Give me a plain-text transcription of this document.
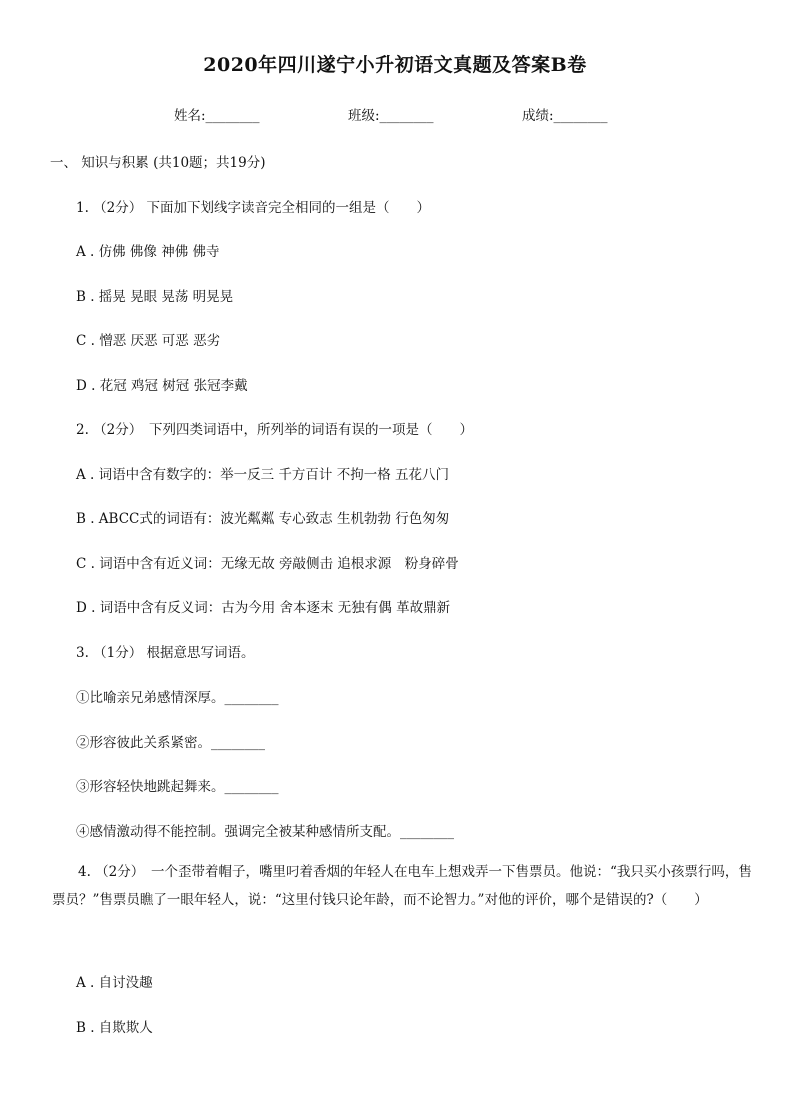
2020年四川遂宁小升初语文真题及答案B卷
姓名:________	班级:________	成绩:________
一、 知识与积累 (共10题；共19分)
1. （2分） 下面加下划线字读音完全相同的一组是（　　）
A . 仿佛 佛像 神佛 佛寺
B . 摇晃 晃眼 晃荡 明晃晃
C . 憎恶 厌恶 可恶 恶劣
D . 花冠 鸡冠 树冠 张冠李戴
2. （2分）　下列四类词语中，所列举的词语有误的一项是（　　）
A . 词语中含有数字的：举一反三 千方百计 不拘一格 五花八门
B . ABCC式的词语有：波光粼粼 专心致志 生机勃勃 行色匆匆
C . 词语中含有近义词：无缘无故 旁敲侧击 追根求源　粉身碎骨
D . 词语中含有反义词：古为今用 舍本逐末 无独有偶 革故鼎新
3. （1分） 根据意思写词语。
①比喻亲兄弟感情深厚。________
②形容彼此关系紧密。________
③形容轻快地跳起舞来。________
④感情激动得不能控制。强调完全被某种感情所支配。________
4. （2分）　一个歪带着帽子，嘴里叼着香烟的年轻人在电车上想戏弄一下售票员。他说：“我只买小孩票行吗，售票员？”售票员瞧了一眼年轻人，说：“这里付钱只论年龄，而不论智力。”对他的评价，哪个是错误的?（　　）
A . 自讨没趣
B . 自欺欺人
